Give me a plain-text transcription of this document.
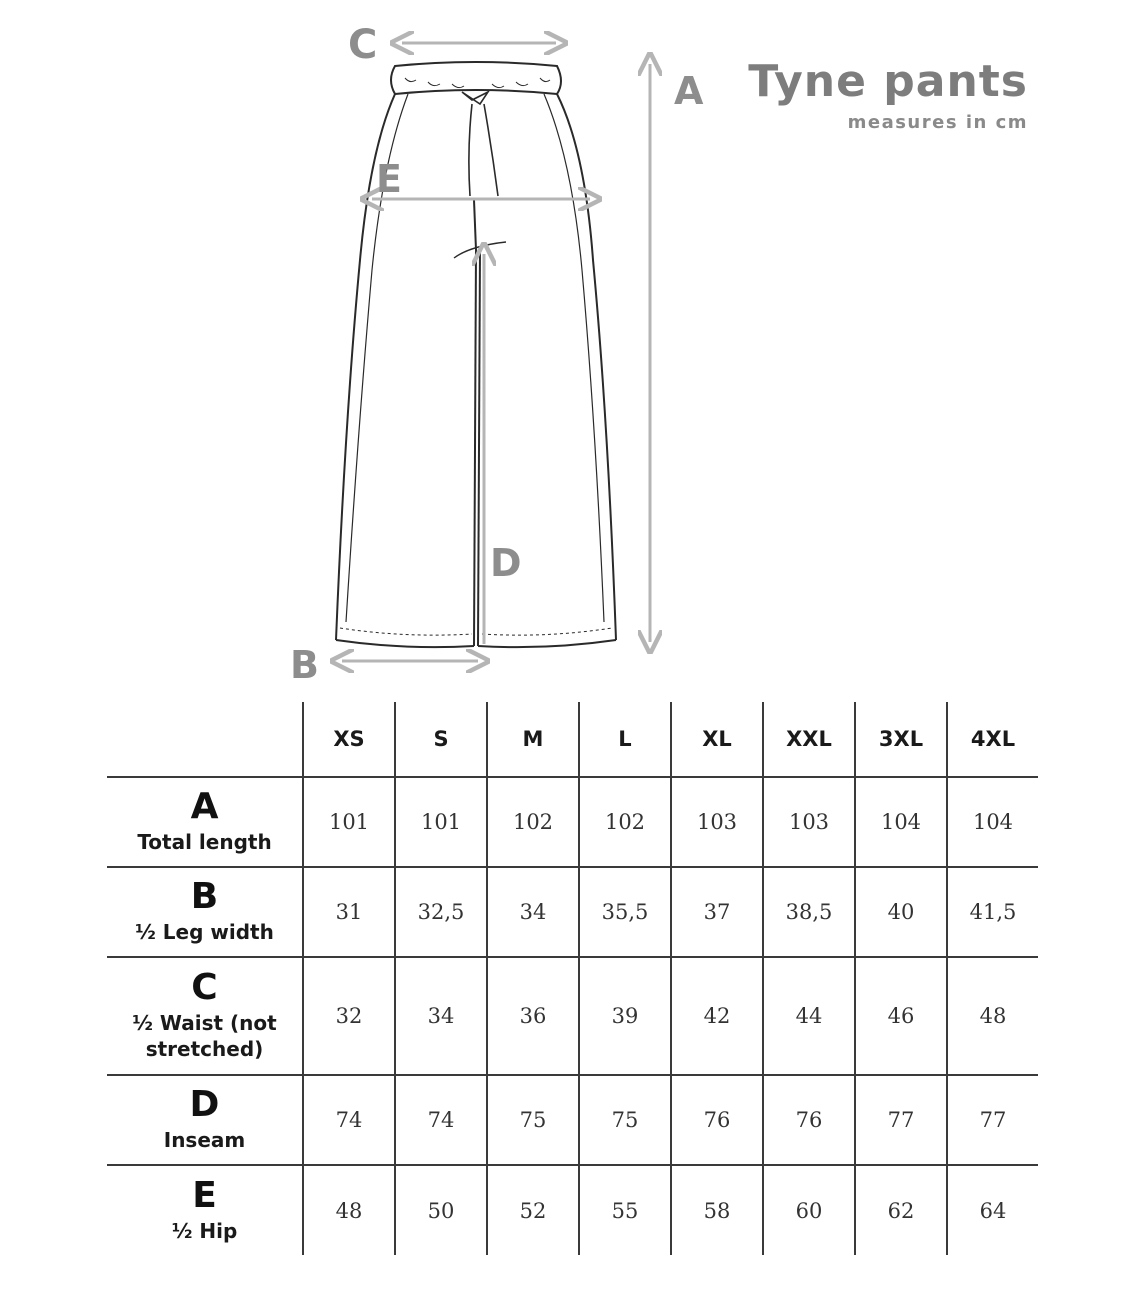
Tyne pants
measures in cm
C
A
E
D
B
	XS	S	M	L	XL	XXL	3XL	4XL

A
Total length	101	101	102	102	103	103	104	104

B
½ Leg width	31	32,5	34	35,5	37	38,5	40	41,5

C
½ Waist (not stretched)	32	34	36	39	42	44	46	48

D
Inseam	74	74	75	75	76	76	77	77

E
½ Hip	48	50	52	55	58	60	62	64
